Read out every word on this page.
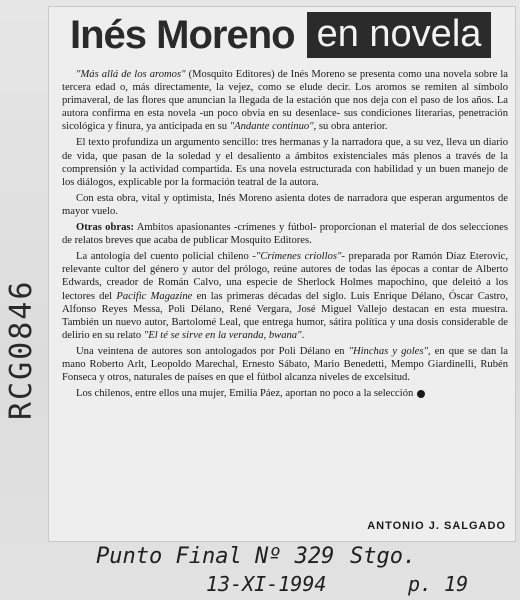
Inés Moreno en novela

"Más allá de los aromos" (Mosquito Editores) de Inés Moreno se presenta como una novela sobre la tercera edad o, más directamente, la vejez, como se elude decir. Los aromos se remiten al símbolo primaveral, de las flores que anuncian la llegada de la estación que nos deja con el paso de los años. La autora confirma en esta novela -un poco obvia en su desenlace- sus condiciones literarias, penetración sicológica y finura, ya anticipada en su "Andante continuo", su obra anterior.

El texto profundiza un argumento sencillo: tres hermanas y la narradora que, a su vez, lleva un diario de vida, que pasan de la soledad y el desaliento a ámbitos existenciales más plenos a través de la comprensión y la actividad compartida. Es una novela estructurada con habilidad y un buen manejo de los diálogos, explicable por la formación teatral de la autora.

Con esta obra, vital y optimista, Inés Moreno asienta dotes de narradora que esperan argumentos de mayor vuelo.

Otras obras: Ambitos apasionantes -crímenes y fútbol- proporcionan el material de dos selecciones de relatos breves que acaba de publicar Mosquito Editores.

La antología del cuento policial chileno -"Crímenes criollos"- preparada por Ramón Díaz Eterovic, relevante cultor del género y autor del prólogo, reúne autores de todas las épocas a contar de Alberto Edwards, creador de Román Calvo, una especie de Sherlock Holmes mapochino, que deleitó a los lectores del Pacific Magazine en las primeras décadas del siglo. Luis Enrique Délano, Óscar Castro, Alfonso Reyes Messa, Poli Délano, René Vergara, José Miguel Vallejo destacan en esta muestra. También un nuevo autor, Bartolomé Leal, que entrega humor, sátira política y una dosis considerable de delirio en su relato "El té se sirve en la veranda, bwana".

Una veintena de autores son antologados por Poli Délano en "Hinchas y goles", en que se dan la mano Roberto Arlt, Leopoldo Marechal, Ernesto Sábato, Mario Benedetti, Mempo Giardinelli, Rubén Fonseca y otros, naturales de países en que el fútbol alcanza niveles de excelsitud.

Los chilenos, entre ellos una mujer, Emilia Páez, aportan no poco a la selección

ANTONIO J. SALGADO
RCG0846
Punto Final Nº 329 Stgo.
13-XI-1994	p. 19
